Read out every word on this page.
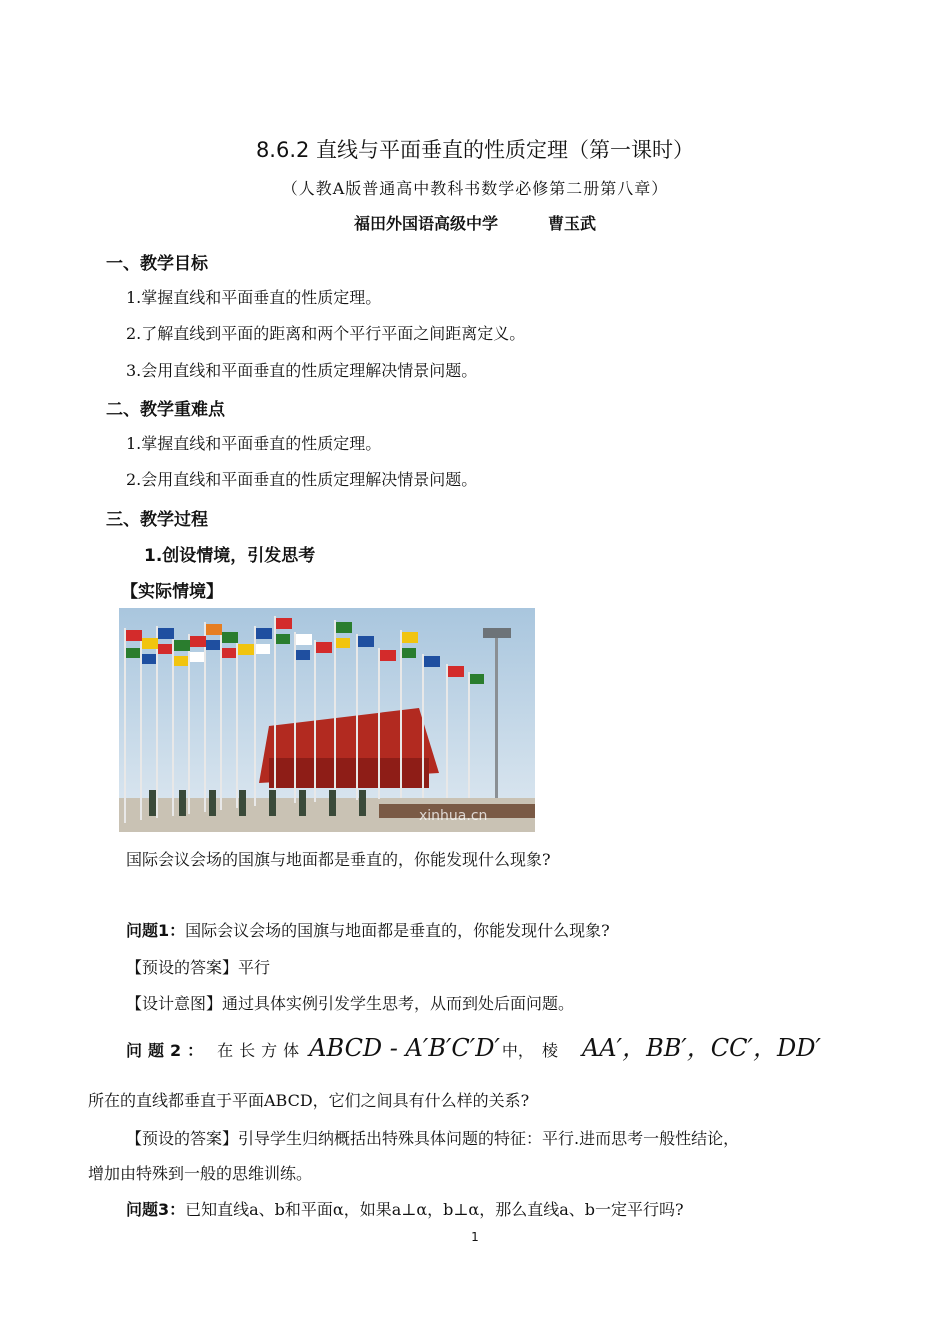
8.6.2 直线与平面垂直的性质定理（第一课时）
（人教A版普通高中教科书数学必修第二册第八章）
福田外国语高级中学	曹玉武
一、教学目标
1.掌握直线和平面垂直的性质定理。
2.了解直线到平面的距离和两个平行平面之间距离定义。
3.会用直线和平面垂直的性质定理解决情景问题。
二、教学重难点
1.掌握直线和平面垂直的性质定理。
2.会用直线和平面垂直的性质定理解决情景问题。
三、教学过程
1.创设情境，引发思考
【实际情境】
xinhua.cn
国际会议会场的国旗与地面都是垂直的，你能发现什么现象?
问题1：国际会议会场的国旗与地面都是垂直的，你能发现什么现象?
【预设的答案】平行
【设计意图】通过具体实例引发学生思考，从而到处后面问题。
问题2： 在长方体 ABCD - A′B′C′D′ 中， 棱 AA′，BB′，CC′，DD′
所在的直线都垂直于平面ABCD，它们之间具有什么样的关系?
【预设的答案】引导学生归纳概括出特殊具体问题的特征：平行.进而思考一般性结论，
增加由特殊到一般的思维训练。
问题3：已知直线a、b和平面α，如果a⊥α，b⊥α，那么直线a、b一定平行吗?
1
